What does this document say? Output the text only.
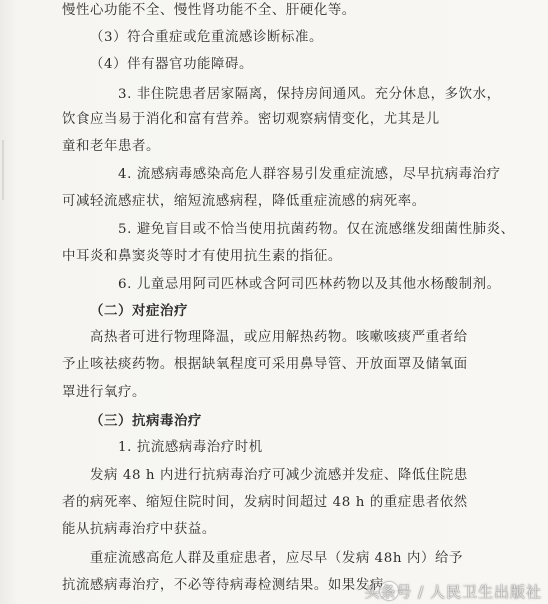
慢性心功能不全、慢性肾功能不全、肝硬化等。
（3）符合重症或危重流感诊断标准。
（4）伴有器官功能障碍。
3. 非住院患者居家隔离，保持房间通风。充分休息，多饮水，
饮食应当易于消化和富有营养。密切观察病情变化，尤其是儿
童和老年患者。
4. 流感病毒感染高危人群容易引发重症流感，尽早抗病毒治疗
可减轻流感症状，缩短流感病程，降低重症流感的病死率。
5. 避免盲目或不恰当使用抗菌药物。仅在流感继发细菌性肺炎、
中耳炎和鼻窦炎等时才有使用抗生素的指征。
6. 儿童忌用阿司匹林或含阿司匹林药物以及其他水杨酸制剂。
（二）对症治疗
高热者可进行物理降温，或应用解热药物。咳嗽咳痰严重者给
予止咳祛痰药物。根据缺氧程度可采用鼻导管、开放面罩及储氧面
罩进行氧疗。
（三）抗病毒治疗
1. 抗流感病毒治疗时机
发病 48 h 内进行抗病毒治疗可减少流感并发症、降低住院患
者的病死率、缩短住院时间，发病时间超过 48 h 的重症患者依然
能从抗病毒治疗中获益。
重症流感高危人群及重症患者，应尽早（发病 48h 内）给予
抗流感病毒治疗，不必等待病毒检测结果。如果发病
头条号 / 人民卫生出版社
